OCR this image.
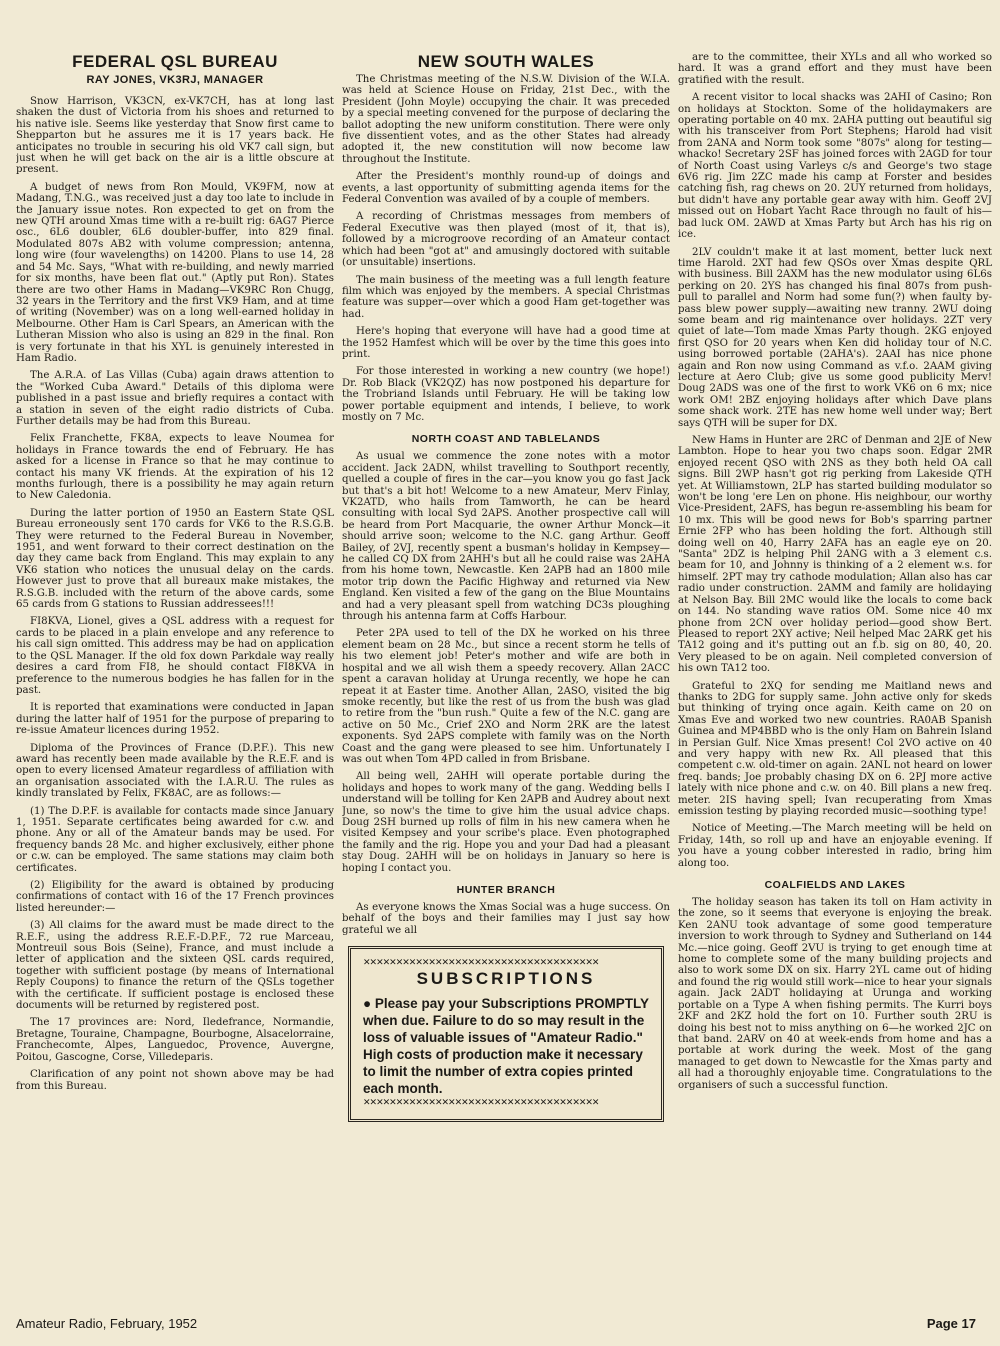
FEDERAL QSL BUREAU
RAY JONES, VK3RJ, MANAGER

Snow Harrison, VK3CN, ex-VK7CH, has at long last shaken the dust of Victoria from his shoes and returned to his native isle. Seems like yesterday that Snow first came to Shepparton but he assures me it is 17 years back. He anticipates no trouble in securing his old VK7 call sign, but just when he will get back on the air is a little obscure at present.

A budget of news from Ron Mould, VK9FM, now at Madang, T.N.G., was received just a day too late to include in the January issue notes. Ron expected to get on from the new QTH around Xmas time with a re-built rig: 6AG7 Pierce osc., 6L6 doubler, 6L6 doubler-buffer, into 829 final. Modulated 807s AB2 with volume compression; antenna, long wire (four wavelengths) on 14200. Plans to use 14, 28 and 54 Mc. Says, "What with re-building, and newly married for six months, have been flat out." (Aptly put Ron). States there are two other Hams in Madang—VK9RC Ron Chugg, 32 years in the Territory and the first VK9 Ham, and at time of writing (November) was on a long well-earned holiday in Melbourne. Other Ham is Carl Spears, an American with the Lutheran Mission who also is using an 829 in the final. Ron is very fortunate in that his XYL is genuinely interested in Ham Radio.

The A.R.A. of Las Villas (Cuba) again draws attention to the "Worked Cuba Award." Details of this diploma were published in a past issue and briefly requires a contact with a station in seven of the eight radio districts of Cuba. Further details may be had from this Bureau.

Felix Franchette, FK8A, expects to leave Noumea for holidays in France towards the end of February. He has asked for a license in France so that he may continue to contact his many VK friends. At the expiration of his 12 months furlough, there is a possibility he may again return to New Caledonia.

During the latter portion of 1950 an Eastern State QSL Bureau erroneously sent 170 cards for VK6 to the R.S.G.B. They were returned to the Federal Bureau in November, 1951, and went forward to their correct destination on the day they came back from England. This may explain to any VK6 station who notices the unusual delay on the cards. However just to prove that all bureaux make mistakes, the R.S.G.B. included with the return of the above cards, some 65 cards from G stations to Russian addressees!!!

FI8KVA, Lionel, gives a QSL address with a request for cards to be placed in a plain envelope and any reference to his call sign omitted. This address may be had on application to the QSL Manager. If the old fox down Parkdale way really desires a card from FI8, he should contact FI8KVA in preference to the numerous bodgies he has fallen for in the past.

It is reported that examinations were conducted in Japan during the latter half of 1951 for the purpose of preparing to re-issue Amateur licences during 1952.

Diploma of the Provinces of France (D.P.F.). This new award has recently been made available by the R.E.F. and is open to every licensed Amateur regardless of affiliation with an organisation associated with the I.A.R.U. The rules as kindly translated by Felix, FK8AC, are as follows:—

(1) The D.P.F. is available for contacts made since January 1, 1951. Separate certificates being awarded for c.w. and phone. Any or all of the Amateur bands may be used. For frequency bands 28 Mc. and higher exclusively, either phone or c.w. can be employed. The same stations may claim both certificates.

(2) Eligibility for the award is obtained by producing confirmations of contact with 16 of the 17 French provinces listed hereunder:—

(3) All claims for the award must be made direct to the R.E.F., using the address R.E.F.-D.P.F., 72 rue Marceau, Montreuil sous Bois (Seine), France, and must include a letter of application and the sixteen QSL cards required, together with sufficient postage (by means of International Reply Coupons) to finance the return of the QSLs together with the certificate. If sufficient postage is enclosed these documents will be returned by registered post.

The 17 provinces are: Nord, Iledefrance, Normandie, Bretagne, Touraine, Champagne, Bourbogne, Alsacelorraine, Franchecomte, Alpes, Languedoc, Provence, Auvergne, Poitou, Gascogne, Corse, Villedeparis.

Clarification of any point not shown above may be had from this Bureau.

NEW SOUTH WALES

The Christmas meeting of the N.S.W. Division of the W.I.A. was held at Science House on Friday, 21st Dec., with the President (John Moyle) occupying the chair. It was preceded by a special meeting convened for the purpose of declaring the ballot adopting the new uniform constitution. There were only five dissentient votes, and as the other States had already adopted it, the new constitution will now become law throughout the Institute.

After the President's monthly round-up of doings and events, a last opportunity of submitting agenda items for the Federal Convention was availed of by a couple of members.

A recording of Christmas messages from members of Federal Executive was then played (most of it, that is), followed by a microgroove recording of an Amateur contact which had been "got at" and amusingly doctored with suitable (or unsuitable) insertions.

The main business of the meeting was a full length feature film which was enjoyed by the members. A special Christmas feature was supper—over which a good Ham get-together was had.

Here's hoping that everyone will have had a good time at the 1952 Hamfest which will be over by the time this goes into print.

For those interested in working a new country (we hope!) Dr. Rob Black (VK2QZ) has now postponed his departure for the Trobriand Islands until February. He will be taking low power portable equipment and intends, I believe, to work mostly on 7 Mc.

NORTH COAST AND TABLELANDS

As usual we commence the zone notes with a motor accident. Jack 2ADN, whilst travelling to Southport recently, quelled a couple of fires in the car—you know you go fast Jack but that's a bit hot! Welcome to a new Amateur, Merv Finlay, VK2ATD, who hails from Tamworth, he can be heard consulting with local Syd 2APS. Another prospective call will be heard from Port Macquarie, the owner Arthur Monck—it should arrive soon; welcome to the N.C. gang Arthur. Geoff Bailey, of 2VJ, recently spent a busman's holiday in Kempsey—he called CQ DX from 2AHH's but all he could raise was 2AHA from his home town, Newcastle. Ken 2APB had an 1800 mile motor trip down the Pacific Highway and returned via New England. Ken visited a few of the gang on the Blue Mountains and had a very pleasant spell from watching DC3s ploughing through his antenna farm at Coffs Harbour.

Peter 2PA used to tell of the DX he worked on his three element beam on 28 Mc., but since a recent storm he tells of his two element job! Peter's mother and wife are both in hospital and we all wish them a speedy recovery. Allan 2ACC spent a caravan holiday at Urunga recently, we hope he can repeat it at Easter time. Another Allan, 2ASO, visited the big smoke recently, but like the rest of us from the bush was glad to retire from the "bun rush." Quite a few of the N.C. gang are active on 50 Mc., Crief 2XO and Norm 2RK are the latest exponents. Syd 2APS complete with family was on the North Coast and the gang were pleased to see him. Unfortunately I was out when Tom 4PD called in from Brisbane.

All being well, 2AHH will operate portable during the holidays and hopes to work many of the gang. Wedding bells I understand will be tolling for Ken 2APB and Audrey about next June, so now's the time to give him the usual advice chaps. Doug 2SH burned up rolls of film in his new camera when he visited Kempsey and your scribe's place. Even photographed the family and the rig. Hope you and your Dad had a pleasant stay Doug. 2AHH will be on holidays in January so here is hoping I contact you.

HUNTER BRANCH

As everyone knows the Xmas Social was a huge success. On behalf of the boys and their families may I just say how grateful we all

✕✕✕✕✕✕✕✕✕✕✕✕✕✕✕✕✕✕✕✕✕✕✕✕✕✕✕✕✕✕✕✕✕✕✕✕
SUBSCRIPTIONS
● Please pay your Subscriptions PROMPTLY when due. Failure to do so may result in the loss of valuable issues of "Amateur Radio." High costs of production make it necessary to limit the number of extra copies printed each month.
✕✕✕✕✕✕✕✕✕✕✕✕✕✕✕✕✕✕✕✕✕✕✕✕✕✕✕✕✕✕✕✕✕✕✕✕

are to the committee, their XYLs and all who worked so hard. It was a grand effort and they must have been gratified with the result.

A recent visitor to local shacks was 2AHI of Casino; Ron on holidays at Stockton. Some of the holidaymakers are operating portable on 40 mx. 2AHA putting out beautiful sig with his transceiver from Port Stephens; Harold had visit from 2ANA and Norm took some "807s" along for testing—whacko! Secretary 2SF has joined forces with 2AGD for tour of North Coast using Varleys c/s and George's two stage 6V6 rig. Jim 2ZC made his camp at Forster and besides catching fish, rag chews on 20. 2UY returned from holidays, but didn't have any portable gear away with him. Geoff 2VJ missed out on Hobart Yacht Race through no fault of his—bad luck OM. 2AWD at Xmas Party but Arch has his rig on ice.

2LV couldn't make it at last moment, better luck next time Harold. 2XT had few QSOs over Xmas despite QRL with business. Bill 2AXM has the new modulator using 6L6s perking on 20. 2YS has changed his final 807s from push-pull to parallel and Norm had some fun(?) when faulty by-pass blew power supply—awaiting new tranny. 2WU doing some beam and rig maintenance over holidays. 2ZT very quiet of late—Tom made Xmas Party though. 2KG enjoyed first QSO for 20 years when Ken did holiday tour of N.C. using borrowed portable (2AHA's). 2AAI has nice phone again and Ron now using Command as v.f.o. 2AAM giving lecture at Aero Club; give us some good publicity Merv! Doug 2ADS was one of the first to work VK6 on 6 mx; nice work OM! 2BZ enjoying holidays after which Dave plans some shack work. 2TE has new home well under way; Bert says QTH will be super for DX.

New Hams in Hunter are 2RC of Denman and 2JE of New Lambton. Hope to hear you two chaps soon. Edgar 2MR enjoyed recent QSO with 2NS as they both held OA call signs. Bill 2WP hasn't got rig perking from Lakeside QTH yet. At Williamstown, 2LP has started building modulator so won't be long 'ere Len on phone. His neighbour, our worthy Vice-President, 2AFS, has begun re-assembling his beam for 10 mx. This will be good news for Bob's sparring partner Ernie 2FP who has been holding the fort. Although still doing well on 40, Harry 2AFA has an eagle eye on 20. "Santa" 2DZ is helping Phil 2ANG with a 3 element c.s. beam for 10, and Johnny is thinking of a 2 element w.s. for himself. 2PT may try cathode modulation; Allan also has car radio under construction. 2AMM and family are holidaying at Nelson Bay. Bill 2MC would like the locals to come back on 144. No standing wave ratios OM. Some nice 40 mx phone from 2CN over holiday period—good show Bert. Pleased to report 2XY active; Neil helped Mac 2ARK get his TA12 going and it's putting out an f.b. sig on 80, 40, 20. Very pleased to be on again. Neil completed conversion of his own TA12 too.

Grateful to 2XQ for sending me Maitland news and thanks to 2DG for supply same. John active only for skeds but thinking of trying once again. Keith came on 20 on Xmas Eve and worked two new countries. RA0AB Spanish Guinea and MP4BBD who is the only Ham on Bahrein Island in Persian Gulf. Nice Xmas present! Col 2VO active on 40 and very happy with new Rx. All pleased that this competent c.w. old-timer on again. 2ANL not heard on lower freq. bands; Joe probably chasing DX on 6. 2PJ more active lately with nice phone and c.w. on 40. Bill plans a new freq. meter. 2IS having spell; Ivan recuperating from Xmas emission testing by playing recorded music—soothing type!

Notice of Meeting.—The March meeting will be held on Friday, 14th, so roll up and have an enjoyable evening. If you have a young cobber interested in radio, bring him along too.

COALFIELDS AND LAKES

The holiday season has taken its toll on Ham activity in the zone, so it seems that everyone is enjoying the break. Ken 2ANU took advantage of some good temperature inversion to work through to Sydney and Sutherland on 144 Mc.—nice going. Geoff 2VU is trying to get enough time at home to complete some of the many building projects and also to work some DX on six. Harry 2YL came out of hiding and found the rig would still work—nice to hear your signals again. Jack 2ADT holidaying at Urunga and working portable on a Type A when fishing permits. The Kurri boys 2KF and 2KZ hold the fort on 10. Further south 2RU is doing his best not to miss anything on 6—he worked 2JC on that band. 2ARV on 40 at week-ends from home and has a portable at work during the week. Most of the gang managed to get down to Newcastle for the Xmas party and all had a thoroughly enjoyable time. Congratulations to the organisers of such a successful function.

Amateur Radio, February, 1952	Page 17
